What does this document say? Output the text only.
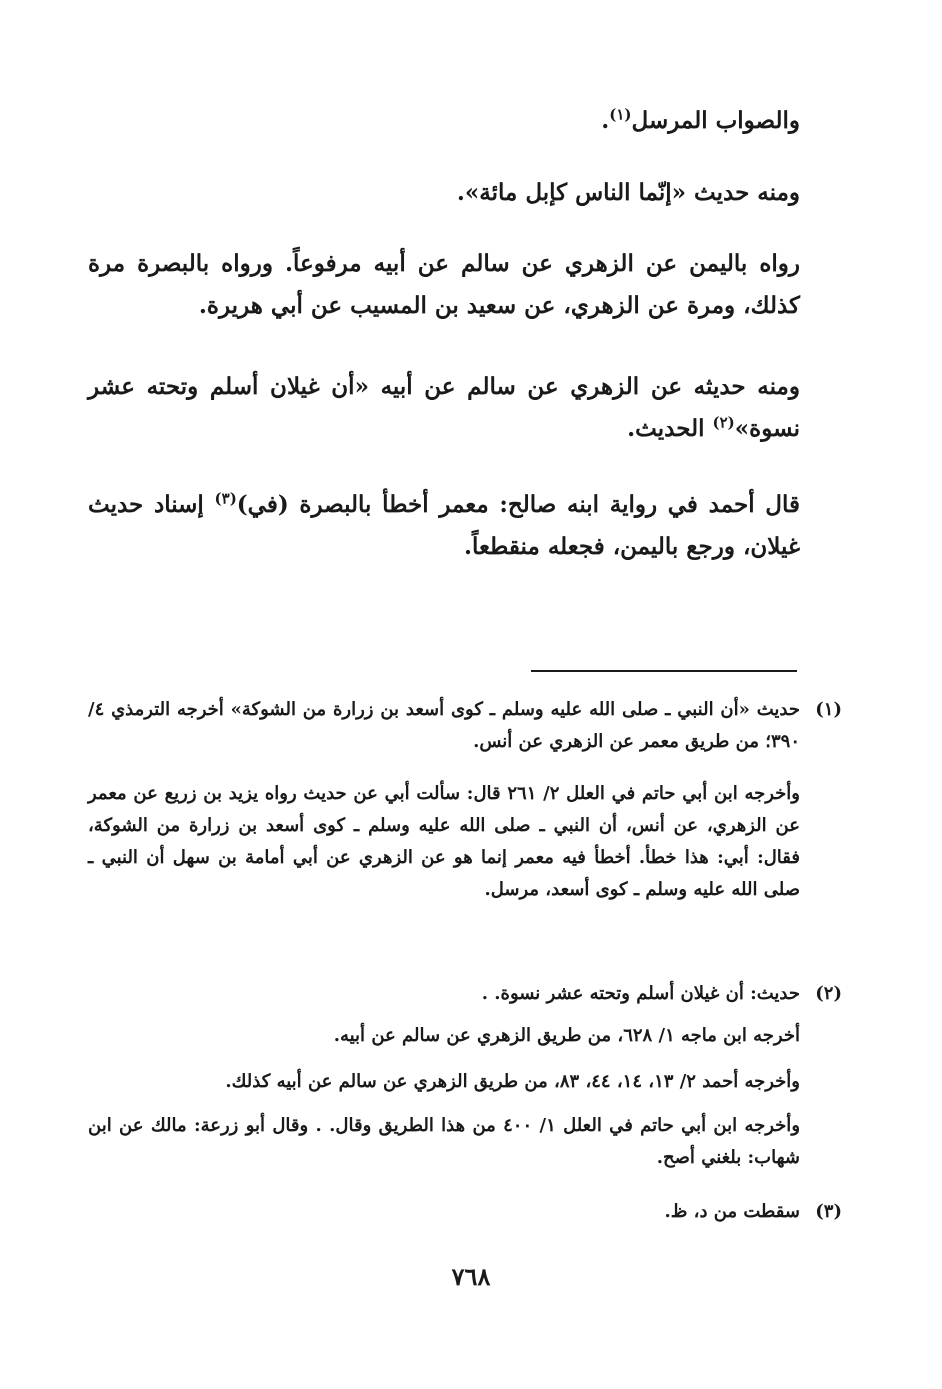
والصواب المرسل$^{(١)}$.
ومنه حديث «إنّما الناس كإبل مائة».
رواه باليمن عن الزهري عن سالم عن أبيه مرفوعاً. ورواه بالبصرة مرة كذلك، ومرة عن الزهري، عن سعيد بن المسيب عن أبي هريرة.
ومنه حديثه عن الزهري عن سالم عن أبيه «أن غيلان أسلم وتحته عشر نسوة»$^{(٢)}$ الحديث.
قال أحمد في رواية ابنه صالح: معمر أخطأ بالبصرة (في)$^{(٣)}$ إسناد حديث غيلان، ورجع باليمن، فجعله منقطعاً.
(١)
حديث «أن النبي ـ صلى الله عليه وسلم ـ كوى أسعد بن زرارة من الشوكة» أخرجه الترمذي ٤/ ٣٩٠؛ من طريق معمر عن الزهري عن أنس.
وأخرجه ابن أبي حاتم في العلل ٢/ ٢٦١ قال: سألت أبي عن حديث رواه يزيد بن زريع عن معمر عن الزهري، عن أنس، أن النبي ـ صلى الله عليه وسلم ـ كوى أسعد بن زرارة من الشوكة، فقال: أبي: هذا خطأ. أخطأ فيه معمر إنما هو عن الزهري عن أبي أمامة بن سهل أن النبي ـ صلى الله عليه وسلم ـ كوى أسعد، مرسل.
(٢)
حديث: أن غيلان أسلم وتحته عشر نسوة. .
أخرجه ابن ماجه ١/ ٦٢٨، من طريق الزهري عن سالم عن أبيه.
وأخرجه أحمد ٢/ ١٣، ١٤، ٤٤، ٨٣، من طريق الزهري عن سالم عن أبيه كذلك.
وأخرجه ابن أبي حاتم في العلل ١/ ٤٠٠ من هذا الطريق وقال. . وقال أبو زرعة: مالك عن ابن شهاب: بلغني أصح.
(٣)
سقطت من د، ظ.
٧٦٨
